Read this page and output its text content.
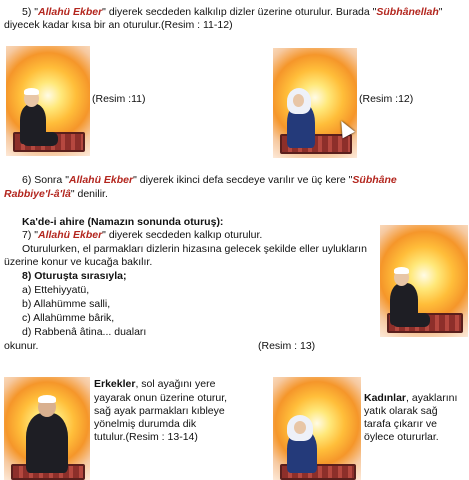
5) "Allahü Ekber" diyerek secdeden kalkılıp dizler üzerine oturulur. Burada "Sübhânellah"
diyecek kadar kısa bir an oturulur.(Resim : 11-12)
(Resim :11)	(Resim :12)
6) Sonra "Allahü Ekber" diyerek ikinci defa secdeye varılır ve üç kere "Sübhâne
Rabbiye'l-â'lâ" denilir.
Ka'de-i ahire (Namazın sonunda oturuş):
7) "Allahü Ekber" diyerek secdeden kalkıp oturulur.
Oturulurken, el parmakları dizlerin hizasına gelecek şekilde eller uylukların
üzerine konur ve kucağa bakılır.
8) Oturuşta sırasıyla;
a) Ettehiyyatü,
b) Allahümme salli,
c) Allahümme bârik,
d) Rabbenâ âtina... duaları
okunur.	(Resim : 13)
Erkekler, sol ayağını yere
yayarak onun üzerine oturur,
sağ ayak parmakları kıbleye
yönelmiş durumda dik
tutulur.(Resim : 13-14)
Kadınlar, ayaklarını
yatık olarak sağ
tarafa çıkarır ve
öylece otururlar.
